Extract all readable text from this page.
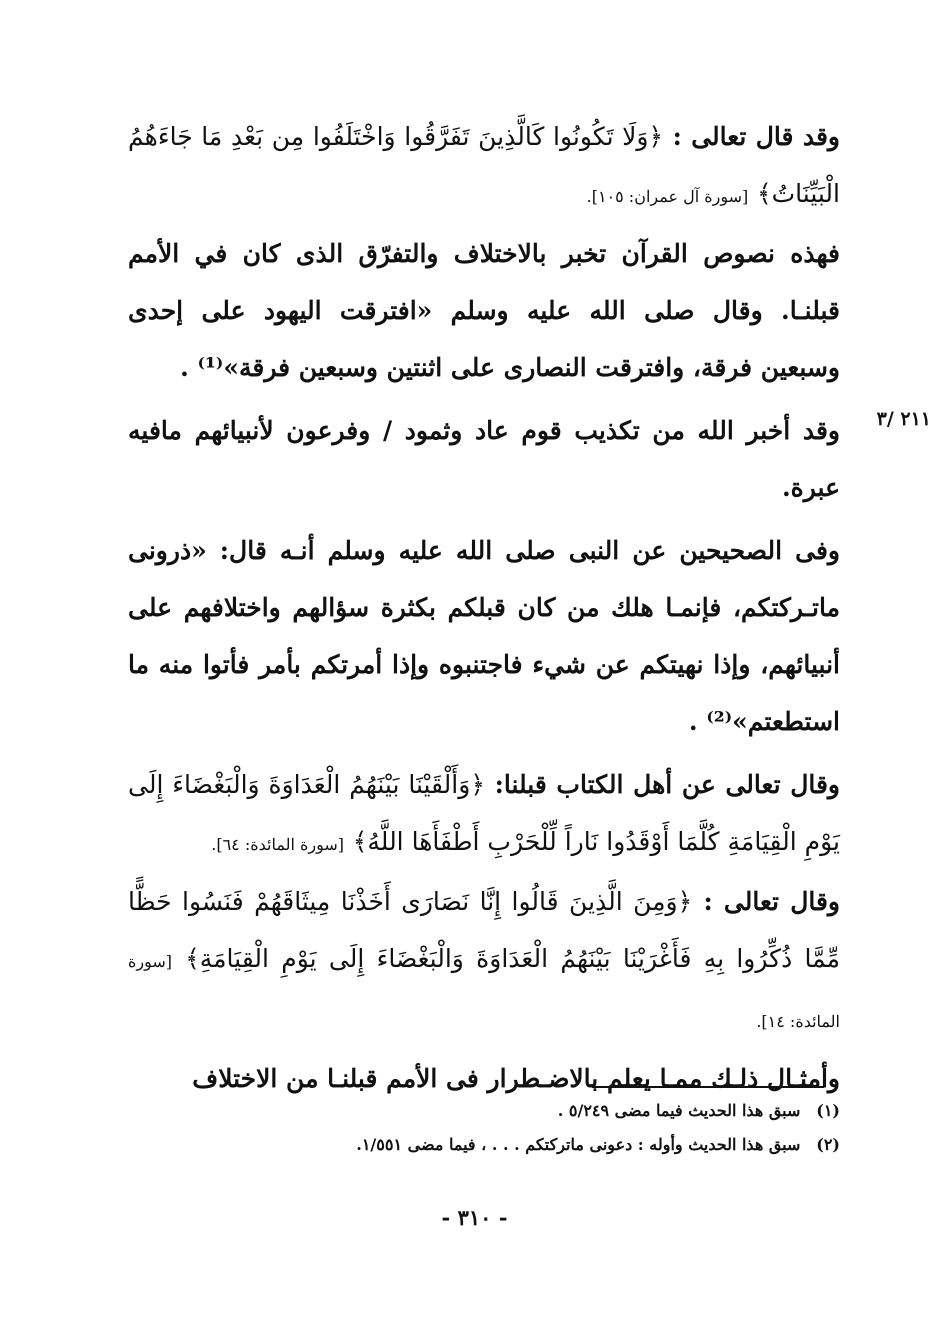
٢١١ /٣

وقد قال تعالى : ﴿وَلَا تَكُونُوا كَالَّذِينَ تَفَرَّقُوا وَاخْتَلَفُوا مِن بَعْدِ مَا جَاءَهُمُ الْبَيِّنَاتُ﴾ [سورة آل عمران: ١٠٥].

فهذه نصوص القرآن تخبر بالاختلاف والتفرّق الذى كان في الأمم قبلنـا. وقال صلى الله عليه وسلم «افترقت اليهود على إحدى وسبعين فرقة، وافترقت النصارى على اثنتين وسبعين فرقة»⁽¹⁾ .

وقد أخبر الله من تكذيب قوم عاد وثمود / وفرعون لأنبيائهم مافيه عبرة.

وفى الصحيحين عن النبى صلى الله عليه وسلم أنـه قال: «ذرونى ماتـركتكم، فإنمـا هلك من كان قبلكم بكثرة سؤالهم واختلافهم على أنبيائهم، وإذا نهيتكم عن شيء فاجتنبوه وإذا أمرتكم بأمر فأتوا منه ما استطعتم»⁽²⁾ .

وقال تعالى عن أهل الكتاب قبلنا: ﴿وَأَلْقَيْنَا بَيْنَهُمُ الْعَدَاوَةَ وَالْبَغْضَاءَ إِلَى يَوْمِ الْقِيَامَةِ كُلَّمَا أَوْقَدُوا نَاراً لِّلْحَرْبِ أَطْفَأَهَا اللَّهُ﴾ [سورة المائدة: ٦٤].

وقال تعالى : ﴿وَمِنَ الَّذِينَ قَالُوا إِنَّا نَصَارَى أَخَذْنَا مِيثَاقَهُمْ فَنَسُوا حَظًّا مِّمَّا ذُكِّرُوا بِهِ فَأَغْرَيْنَا بَيْنَهُمُ الْعَدَاوَةَ وَالْبَغْضَاءَ إِلَى يَوْمِ الْقِيَامَةِ﴾ [سورة المائدة: ١٤].

وأمثـال ذلـك ممـا يعلم بالاضـطرار فى الأمم قبلنـا من الاختلاف

(١) سبق هذا الحديث فيما مضى ٥/٢٤٩ .

(٢) سبق هذا الحديث وأوله : دعونى ماتركتكم . . . ، فيما مضى ١/٥٥١.

- ٣١٠ -
